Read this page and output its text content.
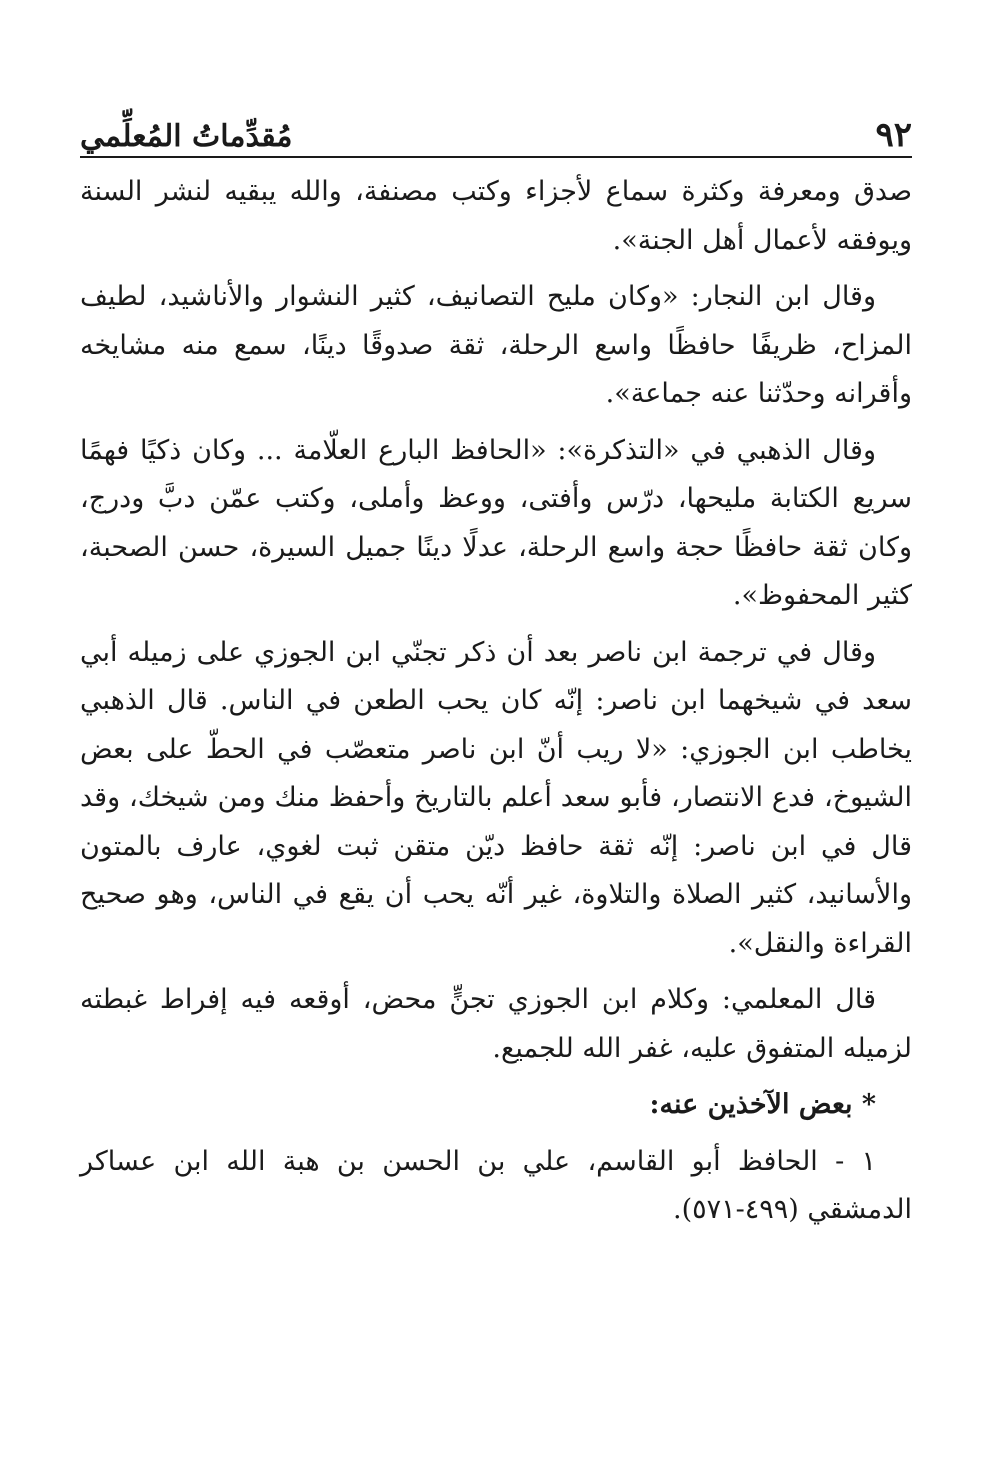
٩٢
مُقدِّماتُ المُعلِّمي

صدق ومعرفة وكثرة سماع لأجزاء وكتب مصنفة، والله يبقيه لنشر السنة ويوفقه لأعمال أهل الجنة».

وقال ابن النجار: «وكان مليح التصانيف، كثير النشوار والأناشيد، لطيف المزاح، ظريفًا حافظًا واسع الرحلة، ثقة صدوقًا دينًا، سمع منه مشايخه وأقرانه وحدّثنا عنه جماعة».

وقال الذهبي في «التذكرة»: «الحافظ البارع العلّامة ... وكان ذكيًا فهمًا سريع الكتابة مليحها، درّس وأفتى، ووعظ وأملى، وكتب عمّن دبَّ ودرج، وكان ثقة حافظًا حجة واسع الرحلة، عدلًا دينًا جميل السيرة، حسن الصحبة، كثير المحفوظ».

وقال في ترجمة ابن ناصر بعد أن ذكر تجنّي ابن الجوزي على زميله أبي سعد في شيخهما ابن ناصر: إنّه كان يحب الطعن في الناس. قال الذهبي يخاطب ابن الجوزي: «لا ريب أنّ ابن ناصر متعصّب في الحطّ على بعض الشيوخ، فدع الانتصار، فأبو سعد أعلم بالتاريخ وأحفظ منك ومن شيخك، وقد قال في ابن ناصر: إنّه ثقة حافظ ديّن متقن ثبت لغوي، عارف بالمتون والأسانيد، كثير الصلاة والتلاوة، غير أنّه يحب أن يقع في الناس، وهو صحيح القراءة والنقل».

قال المعلمي: وكلام ابن الجوزي تجنٍّ محض، أوقعه فيه إفراط غبطته لزميله المتفوق عليه، غفر الله للجميع.

* بعض الآخذين عنه:

١ - الحافظ أبو القاسم، علي بن الحسن بن هبة الله ابن عساكر الدمشقي (٤٩٩-٥٧١).
